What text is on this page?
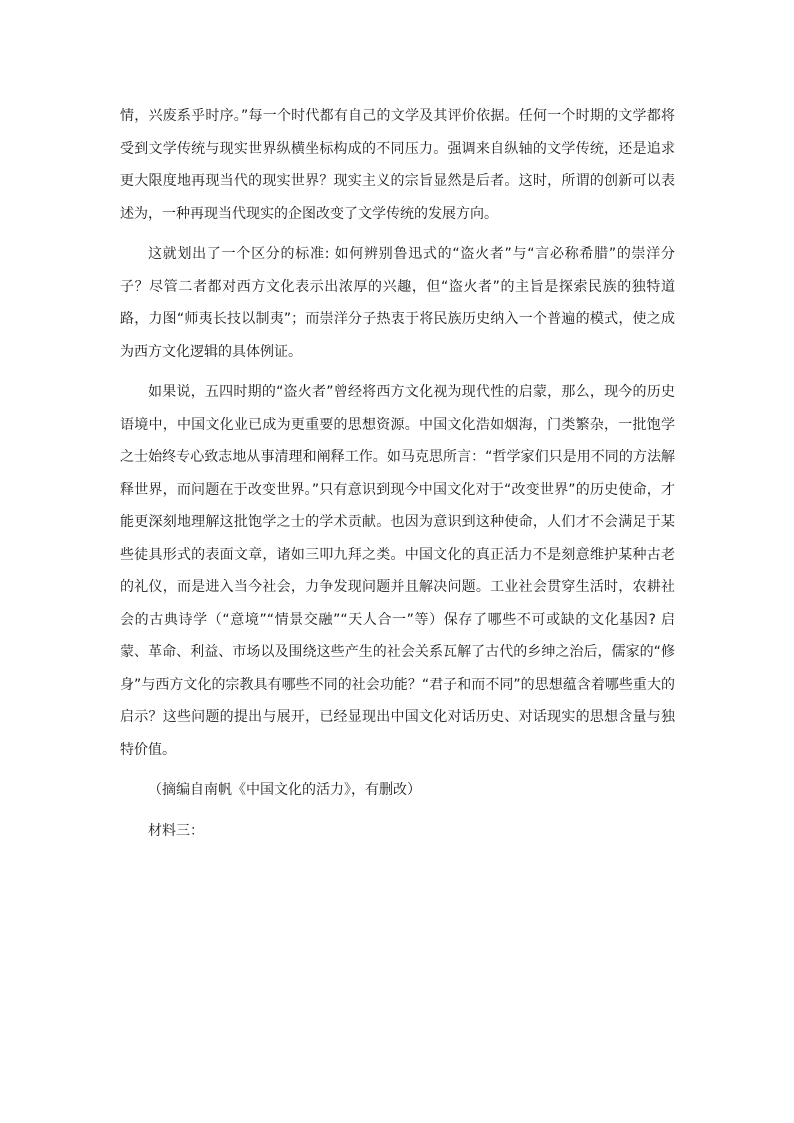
情，兴废系乎时序。”每一个时代都有自己的文学及其评价依据。任何一个时期的文学都将受到文学传统与现实世界纵横坐标构成的不同压力。强调来自纵轴的文学传统，还是追求更大限度地再现当代的现实世界？现实主义的宗旨显然是后者。这时，所谓的创新可以表述为，一种再现当代现实的企图改变了文学传统的发展方向。

这就划出了一个区分的标准: 如何辨别鲁迅式的“盗火者”与“言必称希腊”的崇洋分子？尽管二者都对西方文化表示出浓厚的兴趣，但“盗火者”的主旨是探索民族的独特道路，力图“师夷长技以制夷”；而崇洋分子热衷于将民族历史纳入一个普遍的模式，使之成为西方文化逻辑的具体例证。

如果说，五四时期的“盗火者”曾经将西方文化视为现代性的启蒙，那么，现今的历史语境中，中国文化业已成为更重要的思想资源。中国文化浩如烟海，门类繁杂，一批饱学之士始终专心致志地从事清理和阐释工作。如马克思所言：“哲学家们只是用不同的方法解释世界，而问题在于改变世界。”只有意识到现今中国文化对于“改变世界”的历史使命，才能更深刻地理解这批饱学之士的学术贡献。也因为意识到这种使命，人们才不会满足于某些徒具形式的表面文章，诸如三叩九拜之类。中国文化的真正活力不是刻意维护某种古老的礼仪，而是进入当今社会，力争发现问题并且解决问题。工业社会贯穿生活时，农耕社会的古典诗学（“意境”“情景交融”“天人合一”等）保存了哪些不可或缺的文化基因? 启蒙、革命、利益、市场以及围绕这些产生的社会关系瓦解了古代的乡绅之治后，儒家的“修身”与西方文化的宗教具有哪些不同的社会功能？“君子和而不同”的思想蕴含着哪些重大的启示？这些问题的提出与展开，已经显现出中国文化对话历史、对话现实的思想含量与独特价值。

（摘编自南帆《中国文化的活力》，有删改）

材料三：
